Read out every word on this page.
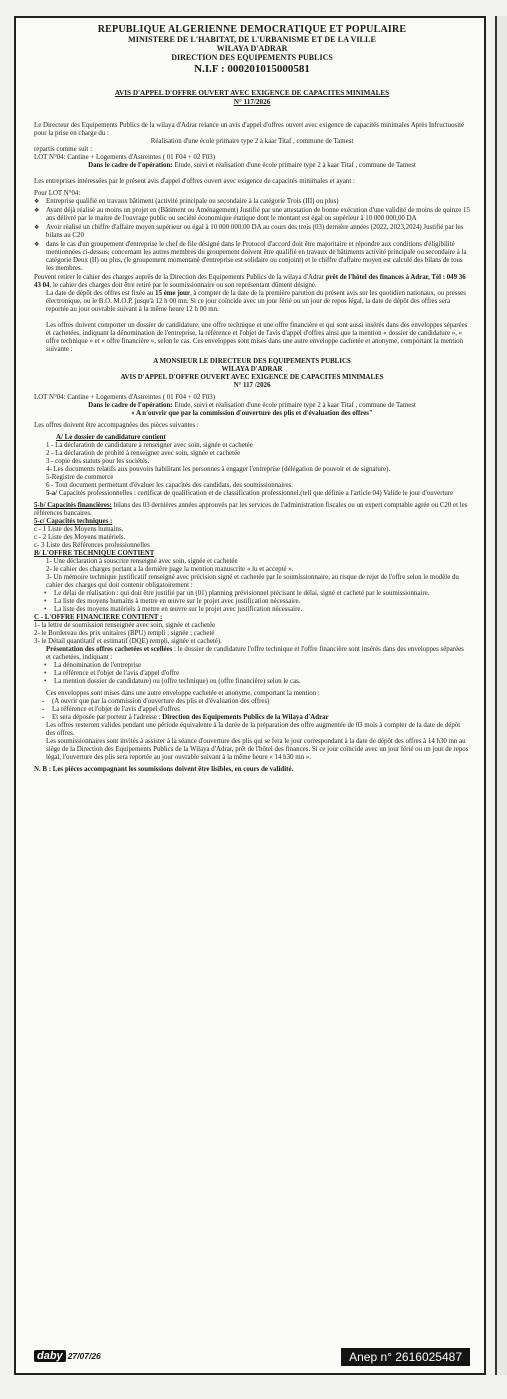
REPUBLIQUE ALGERIENNE DEMOCRATIQUE ET POPULAIRE
MINISTERE DE L'HABITAT, DE L'URBANISME ET DE LA VILLE
WILAYA D'ADRAR
DIRECTION DES EQUIPEMENTS PUBLICS
N.I.F : 000201015000581
AVIS D'APPEL D'OFFRE OUVERT AVEC EXIGENCE DE CAPACITES MINIMALES
N° 117/2026

Le Directeur des Equipements Publics de la wilaya d'Adrar relance un avis d'appel d'offres ouvert avec exigence de capacités minimales Après Infructuosité pour la prise en charge du :

Réalisation d'une école primaire type 2 à kaar Titaf , commune de Tamest

repartis comme suit :

LOT N°04: Cantine + Logements d'Astreintes ( 01 F04 + 02 F03)

Dans le cadre de l'opération: Etude, suivi et réalisation d'une école primaire type 2 à kaar Titaf , commune de Tamest

Les entreprises intéressées par le présent avis d'appel d'offres ouvert avec exigence de capacités minimales et ayant :

Pour LOT N°04:

❖ Entreprise qualifié en travaux bâtiment (activité principale ou secondaire à la catégorie Trois (III) ou plus)
❖ Ayant déjà réalisé au moins un projet en (Bâtiment ou Aménagement) Justifié par une attestation de bonne exécution d'une validité de moins de quinze 15 ans délivré par le maitre de l'ouvrage public ou société économique étatique dont le montant est égal ou supérieur à 10 000 000,00 DA
❖ Avoir réalisé un chiffre d'affaire moyen supérieur ou égal à 10 000 000.00 DA au cours des trois (03) dernière années (2022, 2023,2024) Justifié par les bilans au C20
❖ dans le cas d'un groupement d'entreprise le chef de file désigné dans le Protocol d'accord doit être majoritaire et répondre aux conditions d'éligibilité mentionnées ci-dessus; concernant les autres membres du groupement doivent être qualifié en travaux de bâtiments activité principale ou secondaire à la catégorie Deux (II) ou plus, (le groupement momentané d'entreprise est solidaire ou conjoint) et le chiffre d'affaire moyen est calculé des bilans de tous les membres.

Peuvent retirer le cahier des charges auprès de la Direction des Equipements Publics de la wilaya d'Adrar prêt de l'hôtel des finances à Adrar, Tél : 049 36 43 04, le cahier des charges doit être retiré par le soumissionnaire ou son représentant dûment désigné.

La date de dépôt des offres est fixée au 15 ème jour, à compter de la date de la première parution du présent avis sur les quotidien nationaux, ou presses électronique, ou le B.O. M.O.P, jusqu'à 12 h 00 mn. Si ce jour coïncide avec un jour férié ou un jour de repos légal, la date de dépôt des offres sera reportée au jour ouvrable suivant à la même heure 12 h 00 mn.

Les offres doivent comporter un dossier de candidature, une offre technique et une offre financière et qui sont aussi insérés dans des enveloppes séparées et cachetées, indiquant la dénomination de l'entreprise, la référence et l'objet de l'avis d'appel d'offres ainsi que la mention « dossier de candidature », « offre technique » et « offre financière », selon le cas. Ces enveloppes sont mises dans une autre enveloppe cachetée et anonyme, comportant la mention suivante :

A MONSIEUR LE DIRECTEUR DES EQUIPEMENTS PUBLICS

WILAYA D'ADRAR

AVIS D'APPEL D'OFFRE OUVERT AVEC EXIGENCE DE CAPACITES MINIMALES

N° 117 /2026

LOT N°04: Cantine + Logements d'Astreintes ( 01 F04 + 02 F03)

Dans le cadre de l'opération: Etude, suivi et réalisation d'une école primaire type 2 à kaar Titaf , commune de Tamest

« A n'ouvrir que par la commission d'ouverture des plis et d'évaluation des offres"

Les offres doivent être accompagnées des pièces suivantes :

A/ Le dossier de candidature contient

1 - La déclaration de candidature à renseigner avec soin, signée et cachetée

2 - La déclaration de probité à renseigner avec soin, signée et cachetée

3 - copie des statuts pour les sociétés.

4- Les documents relatifs aux pouvoirs habilitant les personnes à engager l'entreprise (délégation de pouvoir et de signature).

5-Registre de commerce

6 - Tout document permettant d'évaluer les capacités des candidats, des soumissionnaires:

5-a/ Capacités professionnelles : certificat de qualification et de classification professionnel.(tell que définie a l'article 04) Valide le jour d'ouverture

5-b/ Capacités financières: bilans des 03 dernières années approuvés par les services de l'administration fiscales ou un expert comptable agrée ou C20 et les références bancaires.

5-c/ Capacités techniques :

c - 1 Liste des Moyens humains.

c - 2 Liste des Moyens matériels.

c- 3 Liste des Références professionnelles

B/ L'OFFRE TECHNIQUE CONTIENT

1- Une déclaration à souscrire renseigné avec soin, signée et cachetée

2- le cahier des charges portant a la dernière page la mention manuscrite « lu et accepté ».

3- Un mémoire technique justificatif renseigné avec précision signé et cachetée par le soumissionnaire, au risque de rejet de l'offre selon le modèle du cahier des charges qui doit contenir obligatoirement :

• Le délai de réalisation : qui doit être justifié par un (01) planning prévisionnel précisant le délai, signé et cacheté par le soumissionnaire.
• La liste des moyens humains à mettre en œuvre sur le projet avec justification nécessaire.
• La liste des moyens matériels à mettre en œuvre sur le projet avec justification nécessaire.

C - L'OFFRE FINANCIERE CONTIENT :

1- la lettre de soumission renseignée avec soin, signée et cachetée

2- le Bordereau des prix unitaires (BPU) rempli ; signée ; cacheté

3- le Détail quantitatif et estimatif (DQE) rempli, signée et cacheté).

Présentation des offres cachetées et scellées : le dossier de candidature l'offre technique et l'offre financière sont insérés dans des enveloppes séparées et cachetées, indiquant :

• La dénomination de l'entreprise
• La référence et l'objet de l'avis d'appel d'offre
• La mention dossier de candidature) ou (offre technique) ou (offre financière) selon le cas.

Ces enveloppes sont mises dans une autre enveloppe cachetée et anonyme, comportant la mention :

- (A ouvrir que par la commission d'ouverture des plis et d'évaluation des offres)
- La référence et l'objet de l'avis d'appel d'offres
- Et sera déposée par porteur à l'adresse : Direction des Equipements Publics de la Wilaya d'Adrar

Les offres resteront valides pendant une période équivalente à la durée de la préparation des offre augmentée de 03 mois à compter de la date de dépôt des offres.

Les soumissionnaires sont invités à assister à la séance d'ouverture des plis qui se fera le jour correspondant à la date de dépôt des offres à 14 h30 mn au siège de la Direction des Equipements Publics de la Wilaya d'Adrar, prêt de l'hôtel des finances. Si ce jour coïncide avec un jour férié ou un jour de repos légal, l'ouverture des plis sera reportée au jour ouvrable suivant à la même heure « 14 h30 mn ».

N. B : Les pièces accompagnant les soumissions doivent être lisibles, en cours de validité.

daby 27/07/26	Anep n° 2616025487
